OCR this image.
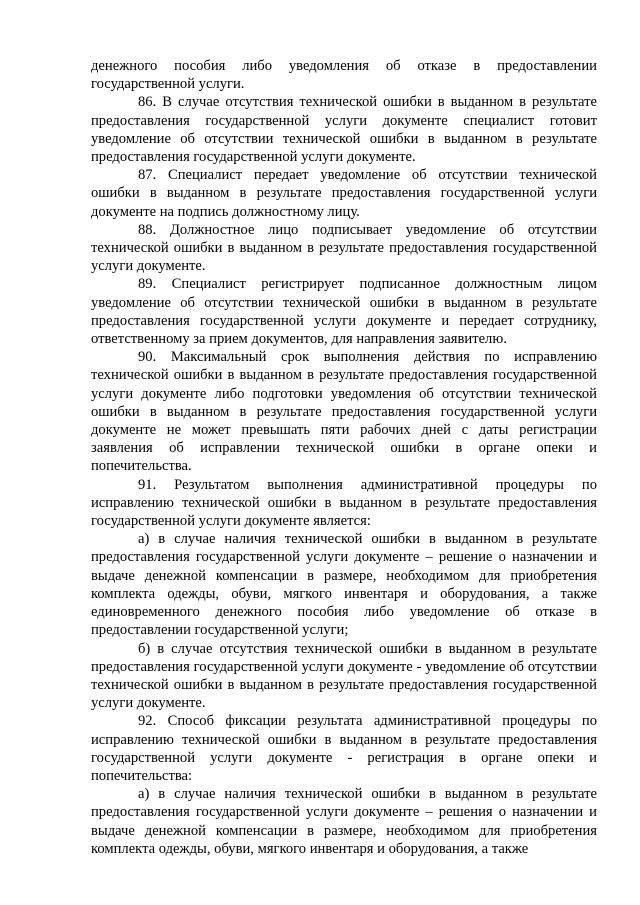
денежного пособия либо уведомления об отказе в предоставлении государственной услуги.

86. В случае отсутствия технической ошибки в выданном в результате предоставления государственной услуги документе специалист готовит уведомление об отсутствии технической ошибки в выданном в результате предоставления государственной услуги документе.

87. Специалист передает уведомление об отсутствии технической ошибки в выданном в результате предоставления государственной услуги документе на подпись должностному лицу.

88. Должностное лицо подписывает уведомление об отсутствии технической ошибки в выданном в результате предоставления государственной услуги документе.

89. Специалист регистрирует подписанное должностным лицом уведомление об отсутствии технической ошибки в выданном в результате предоставления государственной услуги документе и передает сотруднику, ответственному за прием документов, для направления заявителю.

90. Максимальный срок выполнения действия по исправлению технической ошибки в выданном в результате предоставления государственной услуги документе либо подготовки уведомления об отсутствии технической ошибки в выданном в результате предоставления государственной услуги документе не может превышать пяти рабочих дней с даты регистрации заявления об исправлении технической ошибки в органе опеки и попечительства.

91. Результатом выполнения административной процедуры по исправлению технической ошибки в выданном в результате предоставления государственной услуги документе является:

а) в случае наличия технической ошибки в выданном в результате предоставления государственной услуги документе – решение о назначении и выдаче денежной компенсации в размере, необходимом для приобретения комплекта одежды, обуви, мягкого инвентаря и оборудования, а также единовременного денежного пособия либо уведомление об отказе в предоставлении государственной услуги;

б) в случае отсутствия технической ошибки в выданном в результате предоставления государственной услуги документе - уведомление об отсутствии технической ошибки в выданном в результате предоставления государственной услуги документе.

92. Способ фиксации результата административной процедуры по исправлению технической ошибки в выданном в результате предоставления государственной услуги документе - регистрация в органе опеки и попечительства:

а) в случае наличия технической ошибки в выданном в результате предоставления государственной услуги документе – решения о назначении и выдаче денежной компенсации в размере, необходимом для приобретения комплекта одежды, обуви, мягкого инвентаря и оборудования, а также
